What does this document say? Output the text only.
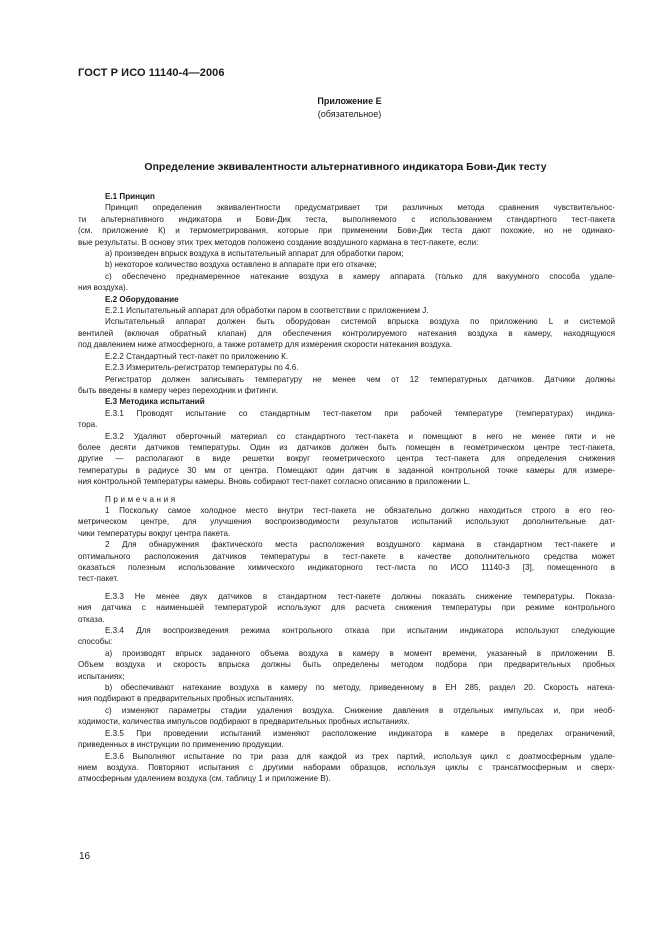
ГОСТ Р ИСО 11140-4—2006
Приложение Е
(обязательное)
Определение эквивалентности альтернативного индикатора Бови-Дик тесту
E.1 Принцип
Принцип определения эквивалентности предусматривает три различных метода сравнения чувствительнос-
ти альтернативного индикатора и Бови-Дик теста, выполняемого с использованием стандартного тест-пакета
(см. приложение К) и термометрирования, которые при применении Бови-Дик теста дают похожие, но не одинако-
вые результаты. В основу этих трех методов положено создание воздушного кармана в тест-пакете, если:
a) произведен впрыск воздуха в испытательный аппарат для обработки паром;
b) некоторое количество воздуха оставлено в аппарате при его откачке;
c) обеспечено преднамеренное натекание воздуха в камеру аппарата (только для вакуумного способа удале-
ния воздуха).
E.2 Оборудование
E.2.1 Испытательный аппарат для обработки паром в соответствии с приложением J.
Испытательный аппарат должен быть оборудован системой впрыска воздуха по приложению L и системой
вентилей (включая обратный клапан) для обеспечения контролируемого натекания воздуха в камеру, находящуюся
под давлением ниже атмосферного, а также ротаметр для измерения скорости натекания воздуха.
E.2.2 Стандартный тест-пакет по приложению К.
E.2.3 Измеритель-регистратор температуры по 4.6.
Регистратор должен записывать температуру не менее чем от 12 температурных датчиков. Датчики должны
быть введены в камеру через переходник и фитинги.
E.3 Методика испытаний
E.3.1 Проводят испытание со стандартным тест-пакетом при рабочей температуре (температурах) индика-
тора.
E.3.2 Удаляют оберточный материал со стандартного тест-пакета и помещают в него не менее пяти и не
более десяти датчиков температуры. Один из датчиков должен быть помещен в геометрическом центре тест-пакета,
другие — располагают в виде решетки вокруг геометрического центра тест-пакета для определения снижения
температуры в радиусе 30 мм от центра. Помещают один датчик в заданной контрольной точке камеры для измере-
ния контрольной температуры камеры. Вновь собирают тест-пакет согласно описанию в приложении L.
Примечания
1 Поскольку самое холодное место внутри тест-пакета не обязательно должно находиться строго в его гео-
метрическом центре, для улучшения воспроизводимости результатов испытаний используют дополнительные дат-
чики температуры вокруг центра пакета.
2 Для обнаружения фактического места расположения воздушного кармана в стандартном тест-пакете и
оптимального расположения датчиков температуры в тест-пакете в качестве дополнительного средства может
оказаться полезным использование химического индикаторного тест-листа по ИСО 11140-3 [3], помещенного в
тест-пакет.
E.3.3 Не менее двух датчиков в стандартном тест-пакете должны показать снижение температуры. Показа-
ния датчика с наименьшей температурой используют для расчета снижения температуры при режиме контрольного
отказа.
E.3.4 Для воспроизведения режима контрольного отказа при испытании индикатора используют следующие
способы:
a) производят впрыск заданного объема воздуха в камеру в момент времени, указанный в приложении В.
Объем воздуха и скорость впрыска должны быть определены методом подбора при предварительных пробных
испытаниях;
b) обеспечивают натекание воздуха в камеру по методу, приведенному в ЕН 285, раздел 20. Скорость натека-
ния подбирают в предварительных пробных испытаниях.
c) изменяют параметры стадии удаления воздуха. Снижение давления в отдельных импульсах и, при необ-
ходимости, количества импульсов подбирают в предварительных пробных испытаниях.
E.3.5 При проведении испытаний изменяют расположение индикатора в камере в пределах ограничений,
приведенных в инструкции по применению продукции.
E.3.6 Выполняют испытание по три раза для каждой из трех партий, используя цикл с доатмосферным удале-
нием воздуха. Повторяют испытания с другими наборами образцов, используя циклы с трансатмосферным и сверх-
атмосферным удалением воздуха (см. таблицу 1 и приложение В).
16
